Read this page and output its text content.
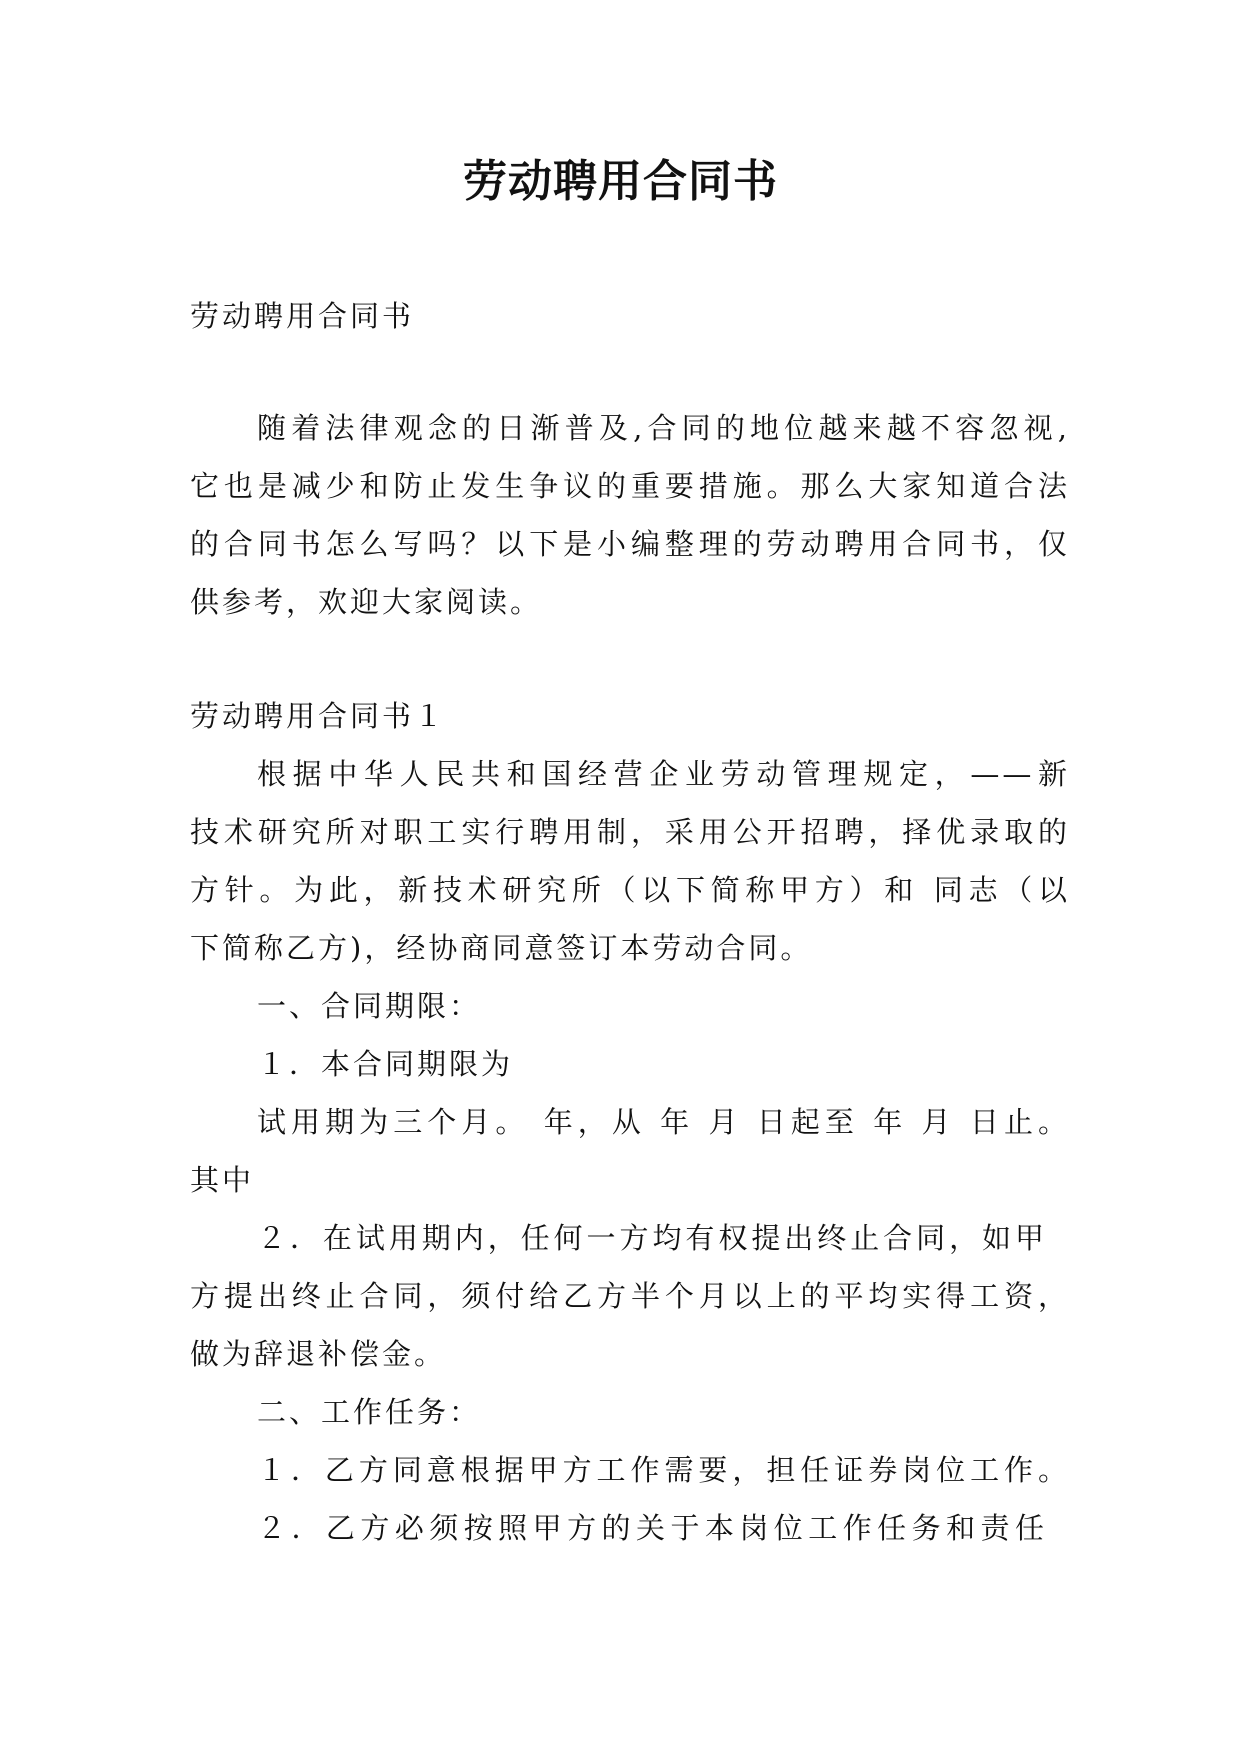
劳动聘用合同书
劳动聘用合同书
随着法律观念的日渐普及,合同的地位越来越不容忽视,
它也是减少和防止发生争议的重要措施。那么大家知道合法
的合同书怎么写吗？以下是小编整理的劳动聘用合同书，仅
供参考，欢迎大家阅读。
劳动聘用合同书１
根据中华人民共和国经营企业劳动管理规定，——新
技术研究所对职工实行聘用制，采用公开招聘，择优录取的
方针。为此，新技术研究所（以下简称甲方）和 同志（以
下简称乙方)，经协商同意签订本劳动合同。
一、合同期限：
１．本合同期限为
试用期为三个月。 年，从 年 月 日起至 年 月 日止。
其中
２．在试用期内，任何一方均有权提出终止合同，如甲
方提出终止合同，须付给乙方半个月以上的平均实得工资，
做为辞退补偿金。
二、工作任务：
１．乙方同意根据甲方工作需要，担任证券岗位工作。
２．乙方必须按照甲方的关于本岗位工作任务和责任
